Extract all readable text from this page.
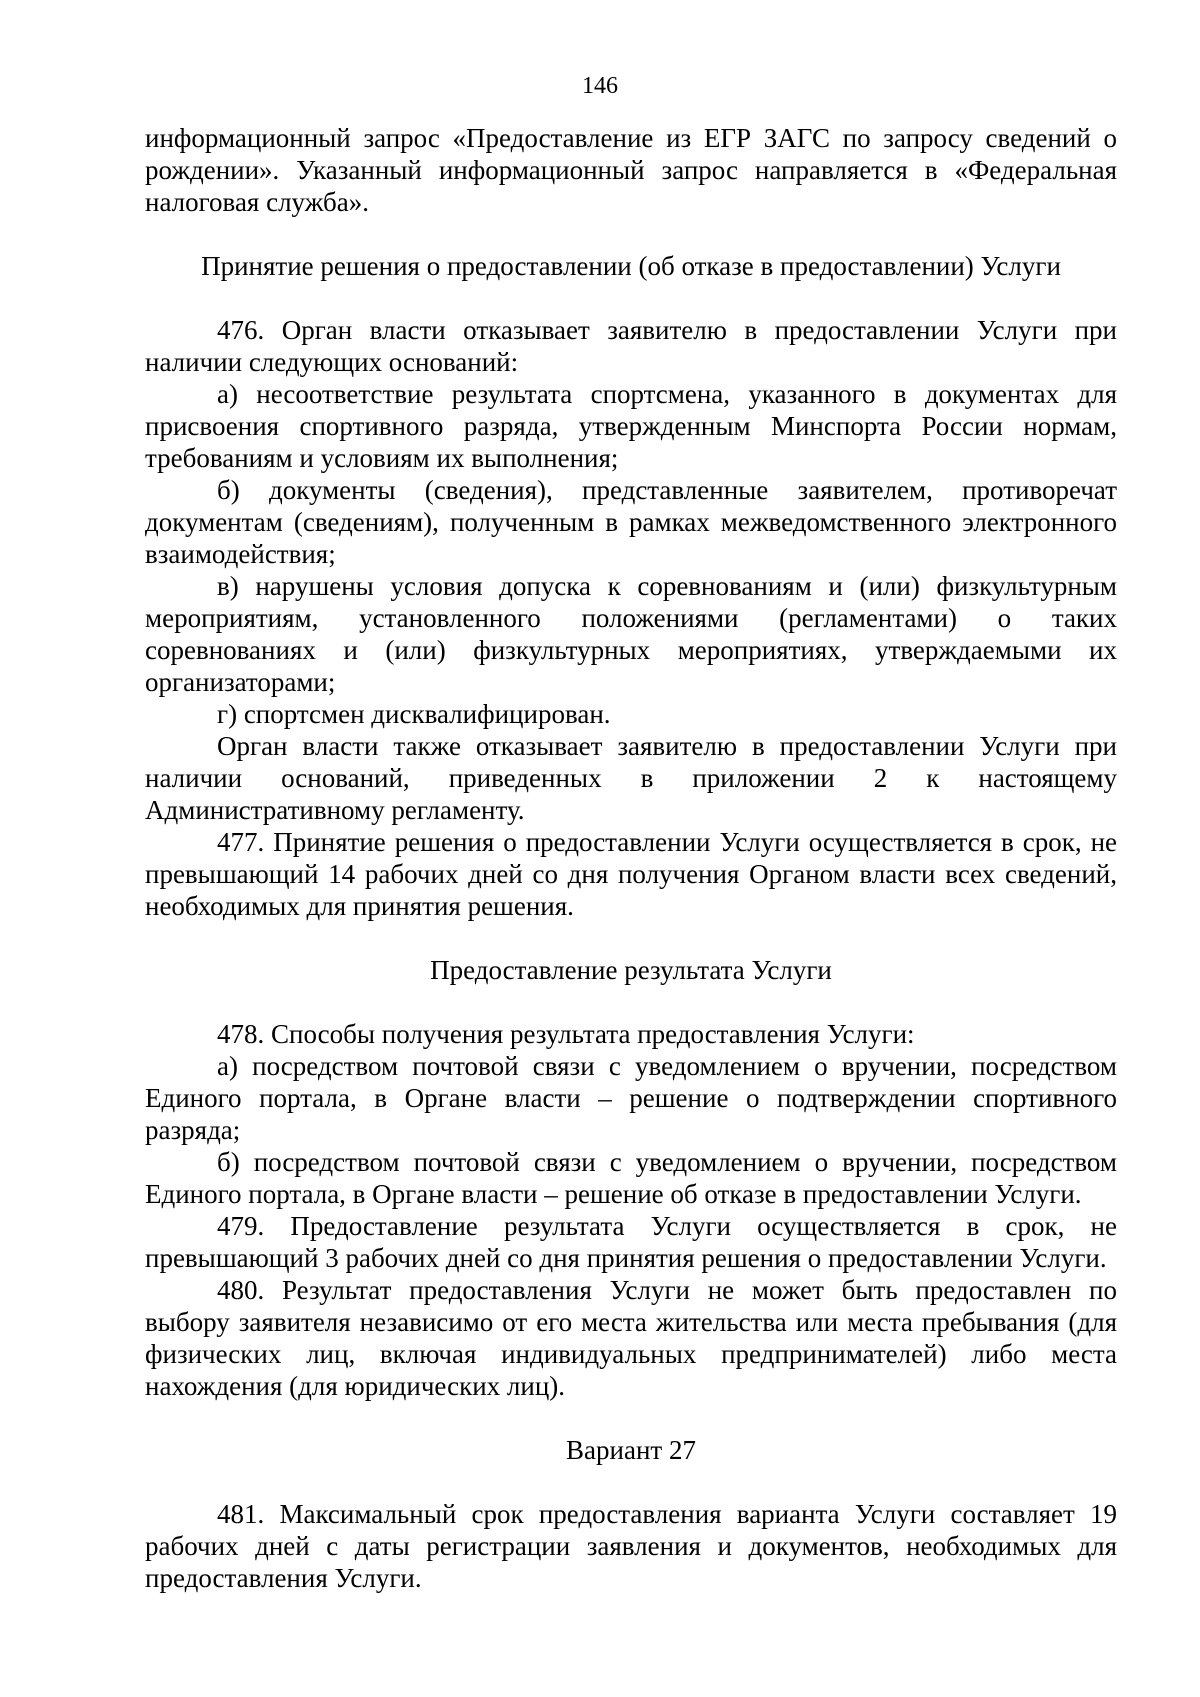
146

информационный запрос «Предоставление из ЕГР ЗАГС по запросу сведений о рождении». Указанный информационный запрос направляется в «Федеральная налоговая служба».

Принятие решения о предоставлении (об отказе в предоставлении) Услуги

476. Орган власти отказывает заявителю в предоставлении Услуги при наличии следующих оснований:

а) несоответствие результата спортсмена, указанного в документах для присвоения спортивного разряда, утвержденным Минспорта России нормам, требованиям и условиям их выполнения;

б) документы (сведения), представленные заявителем, противоречат документам (сведениям), полученным в рамках межведомственного электронного взаимодействия;

в) нарушены условия допуска к соревнованиям и (или) физкультурным мероприятиям, установленного положениями (регламентами) о таких соревнованиях и (или) физкультурных мероприятиях, утверждаемыми их организаторами;

г) спортсмен дисквалифицирован.

Орган власти также отказывает заявителю в предоставлении Услуги при наличии оснований, приведенных в приложении 2 к настоящему Административному регламенту.

477. Принятие решения о предоставлении Услуги осуществляется в срок, не превышающий 14 рабочих дней со дня получения Органом власти всех сведений, необходимых для принятия решения.

Предоставление результата Услуги

478. Способы получения результата предоставления Услуги:

а) посредством почтовой связи с уведомлением о вручении, посредством Единого портала, в Органе власти – решение о подтверждении спортивного разряда;

б) посредством почтовой связи с уведомлением о вручении, посредством Единого портала, в Органе власти – решение об отказе в предоставлении Услуги.

479. Предоставление результата Услуги осуществляется в срок, не превышающий 3 рабочих дней со дня принятия решения о предоставлении Услуги.

480. Результат предоставления Услуги не может быть предоставлен по выбору заявителя независимо от его места жительства или места пребывания (для физических лиц, включая индивидуальных предпринимателей) либо места нахождения (для юридических лиц).

Вариант 27

481. Максимальный срок предоставления варианта Услуги составляет 19 рабочих дней с даты регистрации заявления и документов, необходимых для предоставления Услуги.
